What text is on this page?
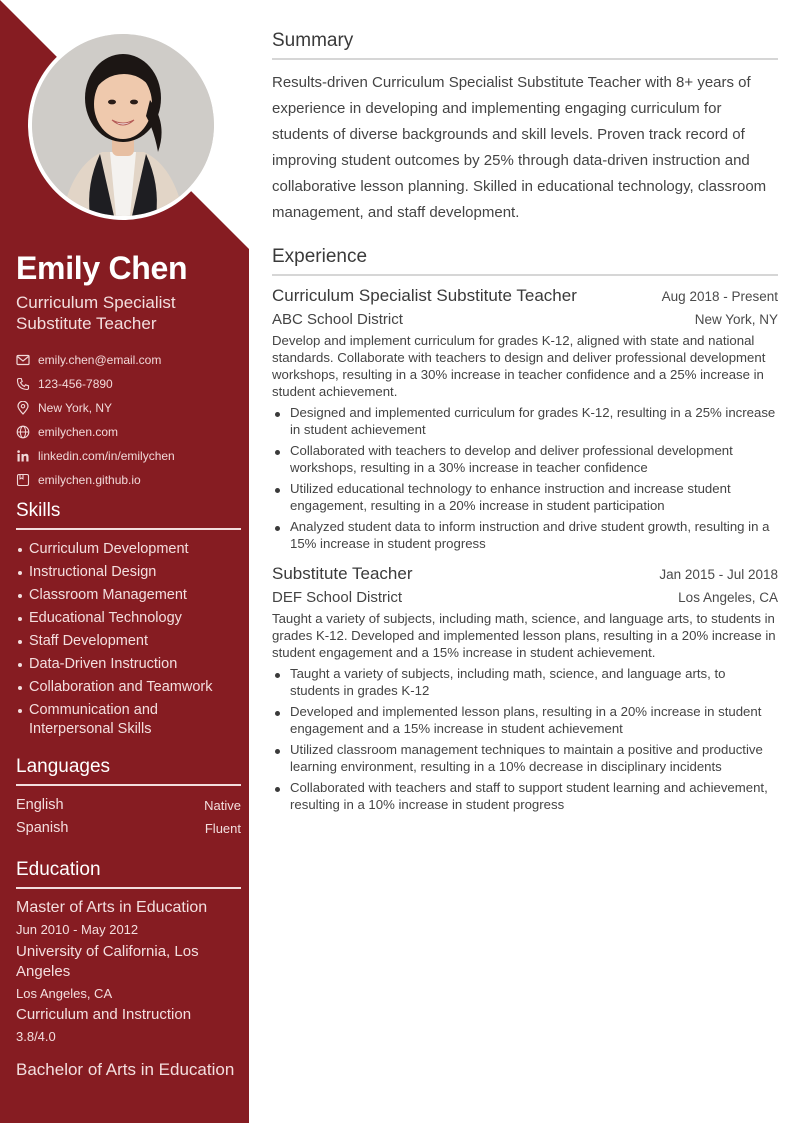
Emily Chen
Curriculum Specialist Substitute Teacher
emily.chen@email.com
123-456-7890
New York, NY
emilychen.com
linkedin.com/in/emilychen
emilychen.github.io
Skills
Curriculum Development
Instructional Design
Classroom Management
Educational Technology
Staff Development
Data-Driven Instruction
Collaboration and Teamwork
Communication and Interpersonal Skills
Languages
English	Native
Spanish	Fluent
Education
Master of Arts in Education
Jun 2010 - May 2012
University of California, Los Angeles
Los Angeles, CA
Curriculum and Instruction
3.8/4.0
Bachelor of Arts in Education
Summary

Results-driven Curriculum Specialist Substitute Teacher with 8+ years of experience in developing and implementing engaging curriculum for students of diverse backgrounds and skill levels. Proven track record of improving student outcomes by 25% through data-driven instruction and collaborative lesson planning. Skilled in educational technology, classroom management, and staff development.

Experience
Curriculum Specialist Substitute Teacher	Aug 2018 - Present
ABC School District	New York, NY

Develop and implement curriculum for grades K-12, aligned with state and national standards. Collaborate with teachers to design and deliver professional development workshops, resulting in a 30% increase in teacher confidence and a 25% increase in student achievement.

Designed and implemented curriculum for grades K-12, resulting in a 25% increase in student achievement
Collaborated with teachers to develop and deliver professional development workshops, resulting in a 30% increase in teacher confidence
Utilized educational technology to enhance instruction and increase student engagement, resulting in a 20% increase in student participation
Analyzed student data to inform instruction and drive student growth, resulting in a 15% increase in student progress
Substitute Teacher	Jan 2015 - Jul 2018
DEF School District	Los Angeles, CA

Taught a variety of subjects, including math, science, and language arts, to students in grades K-12. Developed and implemented lesson plans, resulting in a 20% increase in student engagement and a 15% increase in student achievement.

Taught a variety of subjects, including math, science, and language arts, to students in grades K-12
Developed and implemented lesson plans, resulting in a 20% increase in student engagement and a 15% increase in student achievement
Utilized classroom management techniques to maintain a positive and productive learning environment, resulting in a 10% decrease in disciplinary incidents
Collaborated with teachers and staff to support student learning and achievement, resulting in a 10% increase in student progress
